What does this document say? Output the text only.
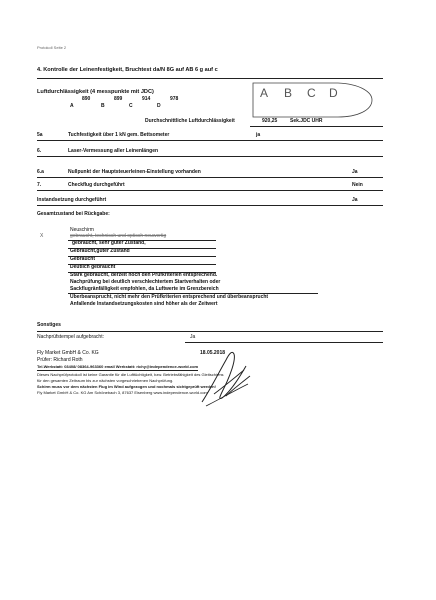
Protokoll Seite 2
4. Kontrolle der Leinenfestigkeit, Bruchtest da/N 8G auf AB 6 g auf c
Luftdurchlässigkeit (4 messpunkte mit JDC)
890	899	914	978
A	B	C	D
A B C D
Durchschnittliche Luftdurchlässigkeit	920,25	Sek.JDC UHR
5a	Tuchfestigkeit über 1 kN gem. Bettsometer	ja
6.	Laser-Vermessung aller Leinenlängen
6.a	Nullpunkt der Hauptsteuerleinen-Einstellung vorhanden	Ja
7.	Checkflug durchgeführt	Nein
Instandsetzung durchgeführt	Ja
Gesamtzustand bei Rückgabe:
X
Neuschirm
gebraucht, technisch und optisch neuwertig
gebraucht, sehr guter Zustand,
Gebraucht,guter Zustand
Gebraucht
Deutlich gebraucht
Stark gebraucht, derzeit noch den Prüfkriterien entsprechend.
Nachprüfung bei deutlich verschlechtertem Startverhalten oder
Sackflugränfälligkeit empfohlen, da Luftwerte im Grenzbereich
Überbeansprucht, nicht mehr den Prüfkriterien entsprechend und überbeansprucht
Anfallende Instandsetzungskosten sind höher als der Zeitwert
Sonstiges
Nachprüfstempel aufgebracht:	Ja
Fly Market GmbH & Co. KG	18.05.2018
Prüfer: Richard Roth
Tel.Werkstatt: 03408/ 08364-963360 email Werkstatt: richy@independence-world.com
Dieses Nachprüfprotokoll ist keine Garantie für die Lufttüchtigkeit, bzw. Betriebsfähigkeit des Gleitschirms
für den gesamten Zeitraum bis zur nächsten vorgeschriebenen Nachprüfung.
Schirm muss vor dem nächsten Flug im Wind aufgezogen und nochmals sichtgeprüft werden!
Fly Market GmbH & Co. KG Am Schönebach 3, 87637 Eisenberg www.independence-world.com
